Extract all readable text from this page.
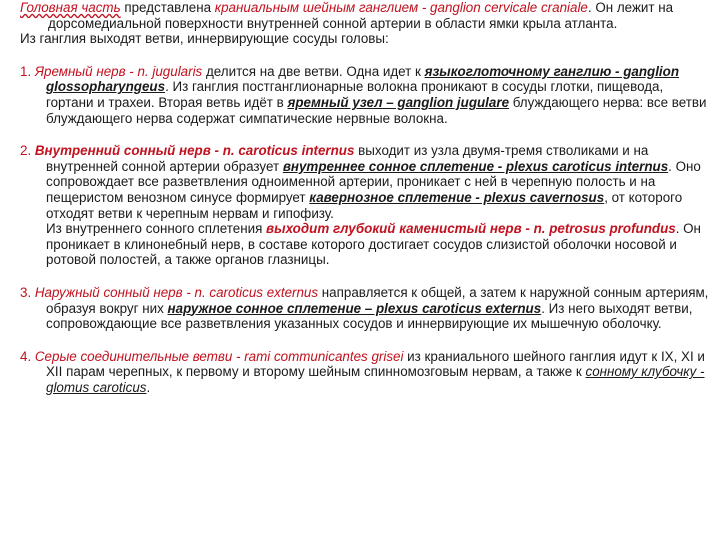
Головная часть представлена краниальным шейным ганглием - ganglion cervicale craniale. Он лежит на дорсомедиальной поверхности внутренней сонной артерии в области ямки крыла атланта.

Из ганглия выходят ветви, иннервирующие сосуды головы:

1. Яремный нерв - n. jugularis делится на две ветви. Одна идет к языкоглоточному ганглию - ganglion glossopharyngeus. Из ганглия постганглионарные волокна проникают в сосуды глотки, пищевода, гортани и трахеи. Вторая ветвь идёт в яремный узел – ganglion jugulare блуждающего нерва: все ветви блуждающего нерва содержат симпатические нервные волокна.

2. Внутренний сонный нерв - n. caroticus internus выходит из узла двумя-тремя стволиками и на внутренней сонной артерии образует внутреннее сонное сплетение - plexus caroticus internus. Оно сопровождает все разветвления одноименной артерии, проникает с ней в черепную полость и на пещеристом венозном синусе формирует кавернозное сплетение - plexus cavernosus, от которого отходят ветви к черепным нервам и гипофизу.

Из внутреннего сонного сплетения выходит глубокий каменистый нерв - n. petrosus profundus. Он проникает в клинонебный нерв, в составе которого достигает сосудов слизистой оболочки носовой и ротовой полостей, а также органов глазницы.

3. Наружный сонный нерв - n. caroticus externus направляется к общей, а затем к наружной сонным артериям, образуя вокруг них наружное сонное сплетение – plexus caroticus externus. Из него выходят ветви, сопровождающие все разветвления указанных сосудов и иннервирующие их мышечную оболочку.

4. Серые соединительные ветви - rami communicantes grisei из краниального шейного ганглия идут к IX, XI и XII парам черепных, к первому и второму шейным спинномозговым нервам, а также к сонному клубочку - glomus caroticus.
